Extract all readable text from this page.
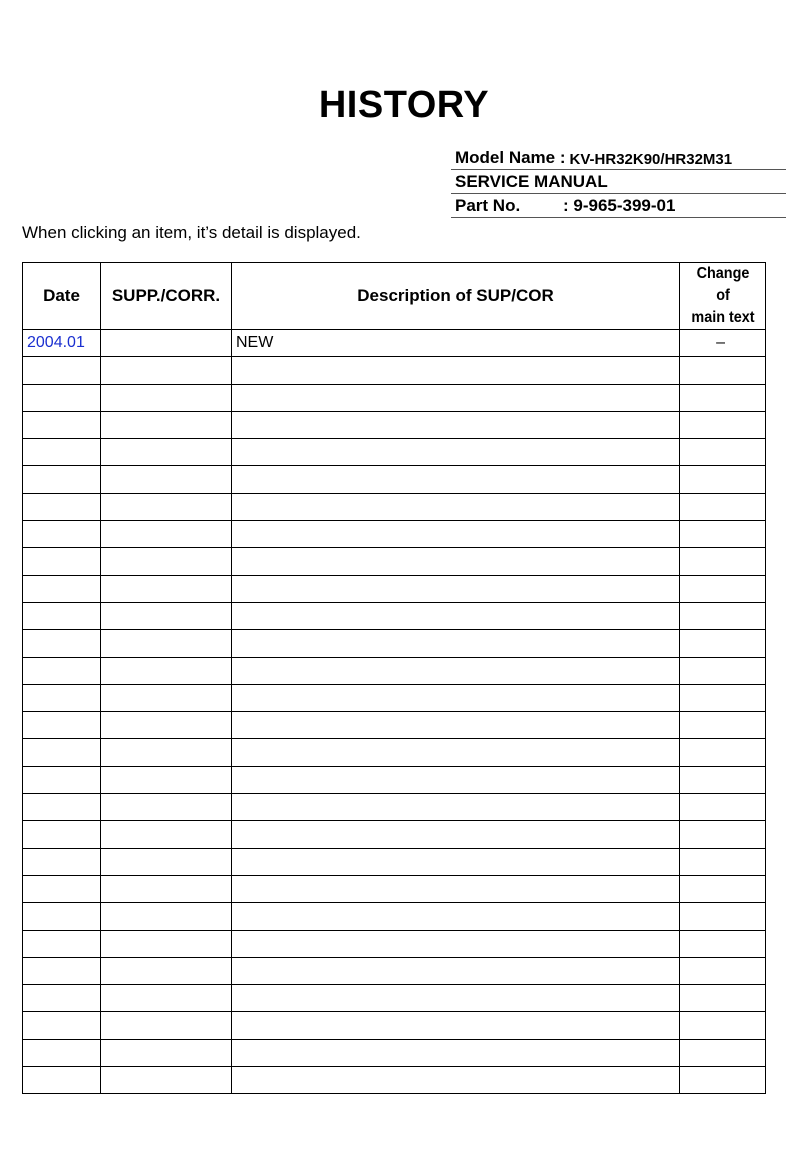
HISTORY
Model Name : KV-HR32K90/HR32M31
SERVICE MANUAL
Part No.	: 9-965-399-01
When clicking an item, it’s detail is displayed.
Date	SUPP./CORR.	Description of SUP/COR	Change of
main text
2004.01		NEW	–
